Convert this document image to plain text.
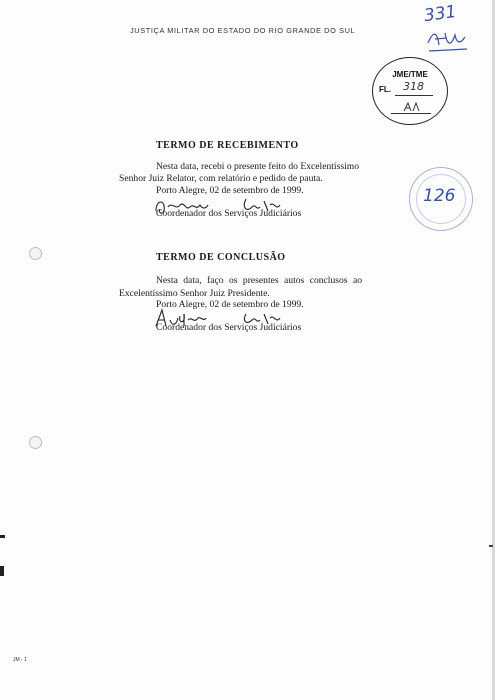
JUSTIÇA MILITAR DO ESTADO DO RIO GRANDE DO SUL
331
JME/TME
FL. 318
126
TERMO DE RECEBIMENTO
Nesta data, recebi o presente feito do Excelentíssimo
Senhor Juiz Relator, com relatório e pedido de pauta.
Porto Alegre, 02 de setembro de 1999.
Coordenador dos Serviços Judiciários
TERMO DE CONCLUSÃO
Nesta data, faço os presentes autos conclusos ao
Excelentíssimo Senhor Juiz Presidente.
Porto Alegre, 02 de setembro de 1999.
Coordenador dos Serviços Judiciários
JM - 1
